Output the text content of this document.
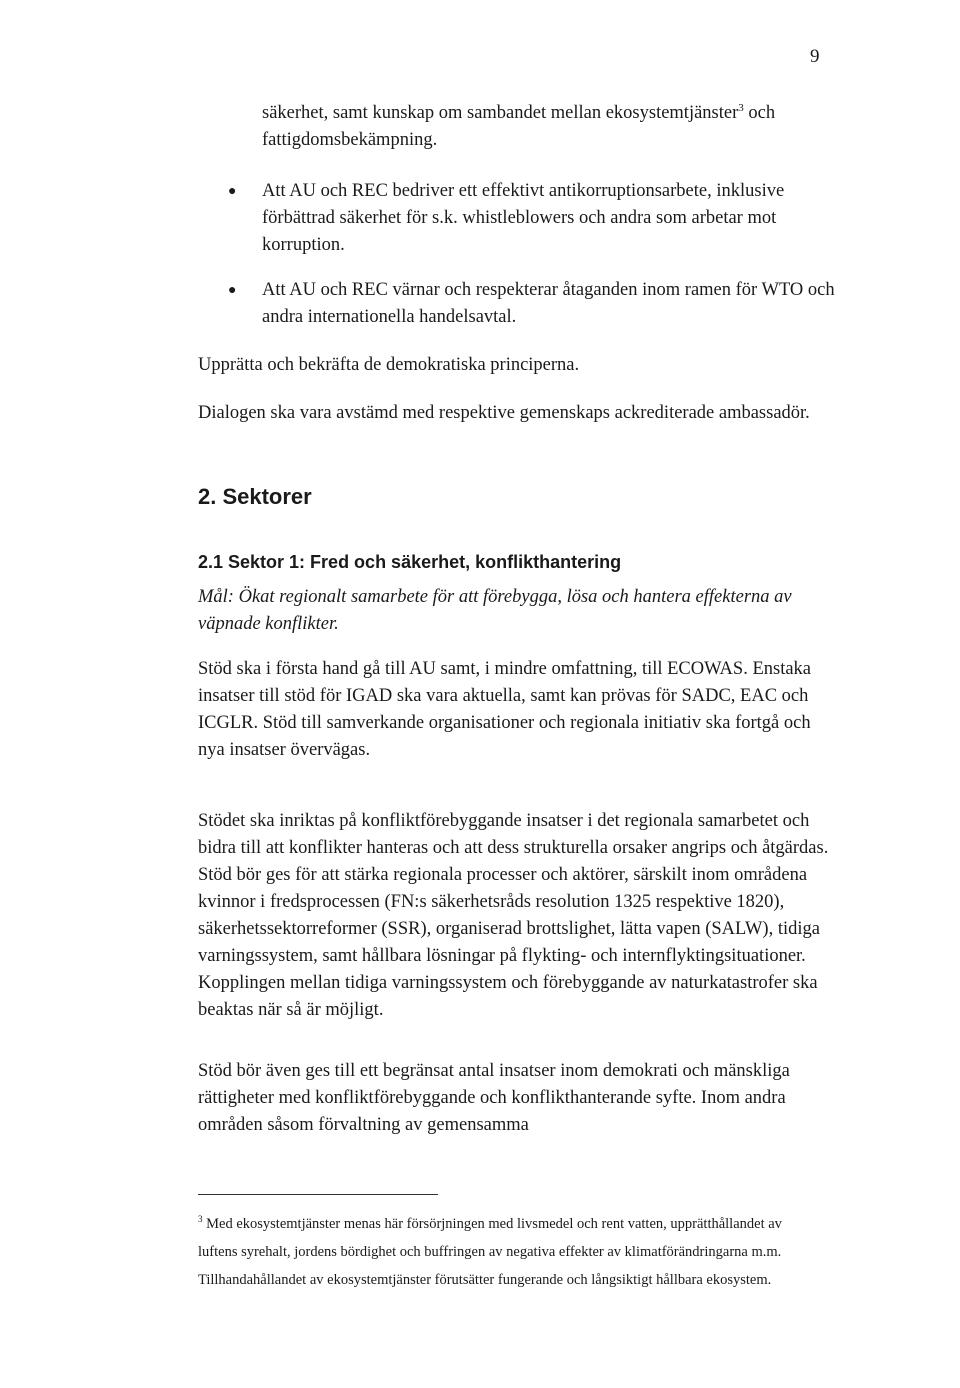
9
säkerhet, samt kunskap om sambandet mellan ekosystemtjänster$^3$ och fattigdomsbekämpning.
● Att AU och REC bedriver ett effektivt antikorruptionsarbete, inklusive förbättrad säkerhet för s.k. whistleblowers och andra som arbetar mot korruption.
● Att AU och REC värnar och respekterar åtaganden inom ramen för WTO och andra internationella handelsavtal.
Upprätta och bekräfta de demokratiska principerna.
Dialogen ska vara avstämd med respektive gemenskaps ackrediterade ambassadör.
2. Sektorer
2.1 Sektor 1: Fred och säkerhet, konflikthantering
Mål: Ökat regionalt samarbete för att förebygga, lösa och hantera effekterna av väpnade konflikter.
Stöd ska i första hand gå till AU samt, i mindre omfattning, till ECOWAS. Enstaka insatser till stöd för IGAD ska vara aktuella, samt kan prövas för SADC, EAC och ICGLR. Stöd till samverkande organisationer och regionala initiativ ska fortgå och nya insatser övervägas.
Stödet ska inriktas på konfliktförebyggande insatser i det regionala samarbetet och bidra till att konflikter hanteras och att dess strukturella orsaker angrips och åtgärdas. Stöd bör ges för att stärka regionala processer och aktörer, särskilt inom områdena kvinnor i fredsprocessen (FN:s säkerhetsråds resolution 1325 respektive 1820), säkerhetssektorreformer (SSR), organiserad brottslighet, lätta vapen (SALW), tidiga varningssystem, samt hållbara lösningar på flykting- och internflyktingsituationer. Kopplingen mellan tidiga varningssystem och förebyggande av naturkatastrofer ska beaktas när så är möjligt.
Stöd bör även ges till ett begränsat antal insatser inom demokrati och mänskliga rättigheter med konfliktförebyggande och konflikthanterande syfte. Inom andra områden såsom förvaltning av gemensamma
$^3$ Med ekosystemtjänster menas här försörjningen med livsmedel och rent vatten, upprätthållandet av luftens syrehalt, jordens bördighet och buffringen av negativa effekter av klimatförändringarna m.m. Tillhandahållandet av ekosystemtjänster förutsätter fungerande och långsiktigt hållbara ekosystem.
